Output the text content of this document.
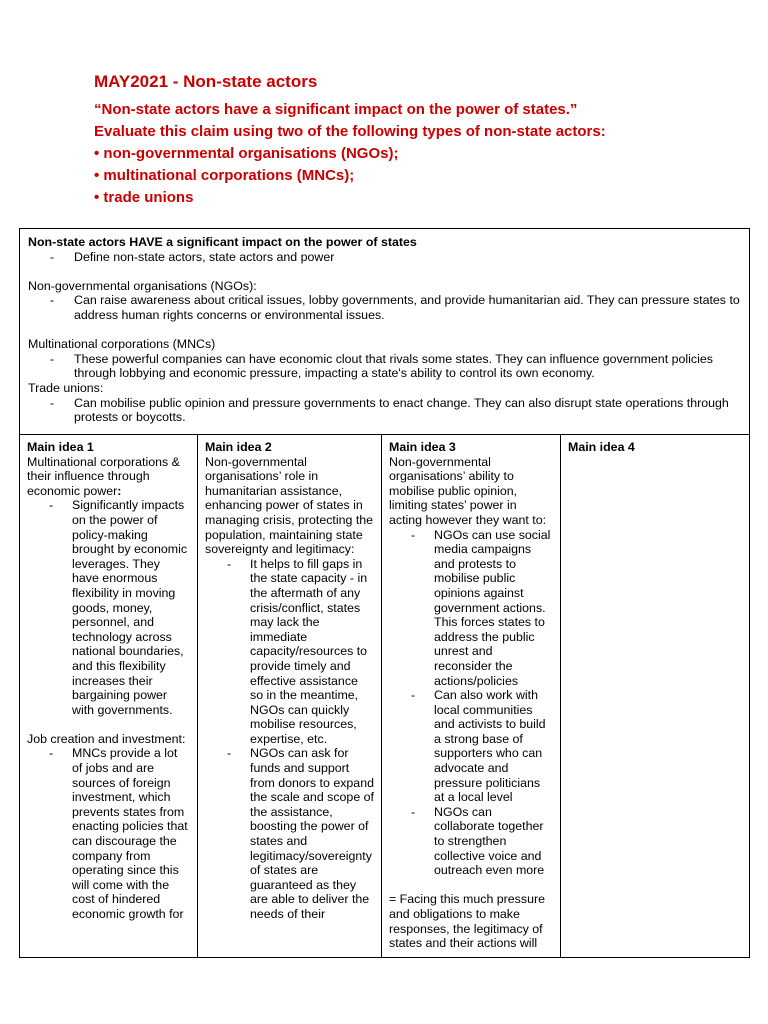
MAY2021 - Non-state actors
“Non-state actors have a significant impact on the power of states.”
Evaluate this claim using two of the following types of non-state actors:
• non-governmental organisations (NGOs);
• multinational corporations (MNCs);
• trade unions
Non-state actors HAVE a significant impact on the power of states
- Define non-state actors, state actors and power
Non-governmental organisations (NGOs):
- Can raise awareness about critical issues, lobby governments, and provide humanitarian aid. They can pressure states to address human rights concerns or environmental issues.
Multinational corporations (MNCs)
- These powerful companies can have economic clout that rivals some states. They can influence government policies through lobbying and economic pressure, impacting a state's ability to control its own economy.
Trade unions:
- Can mobilise public opinion and pressure governments to enact change. They can also disrupt state operations through protests or boycotts.
Main idea 1
Multinational corporations & their influence through economic power:
- Significantly impacts on the power of policy-making brought by economic leverages. They have enormous flexibility in moving goods, money, personnel, and technology across national boundaries, and this flexibility increases their bargaining power with governments.
Job creation and investment:
- MNCs provide a lot of jobs and are sources of foreign investment, which prevents states from enacting policies that can discourage the company from operating since this will come with the cost of hindered economic growth for
Main idea 2
Non-governmental organisations’ role in humanitarian assistance, enhancing power of states in managing crisis, protecting the population, maintaining state sovereignty and legitimacy:
- It helps to fill gaps in the state capacity - in the aftermath of any crisis/conflict, states may lack the immediate capacity/resources to provide timely and effective assistance so in the meantime, NGOs can quickly mobilise resources, expertise, etc.
- NGOs can ask for funds and support from donors to expand the scale and scope of the assistance, boosting the power of states and legitimacy/sovereignty of states are guaranteed as they are able to deliver the needs of their
Main idea 3
Non-governmental organisations’ ability to mobilise public opinion, limiting states’ power in acting however they want to:
- NGOs can use social media campaigns and protests to mobilise public opinions against government actions. This forces states to address the public unrest and reconsider the actions/policies
- Can also work with local communities and activists to build a strong base of supporters who can advocate and pressure politicians at a local level
- NGOs can collaborate together to strengthen collective voice and outreach even more
= Facing this much pressure and obligations to make responses, the legitimacy of states and their actions will
Main idea 4
